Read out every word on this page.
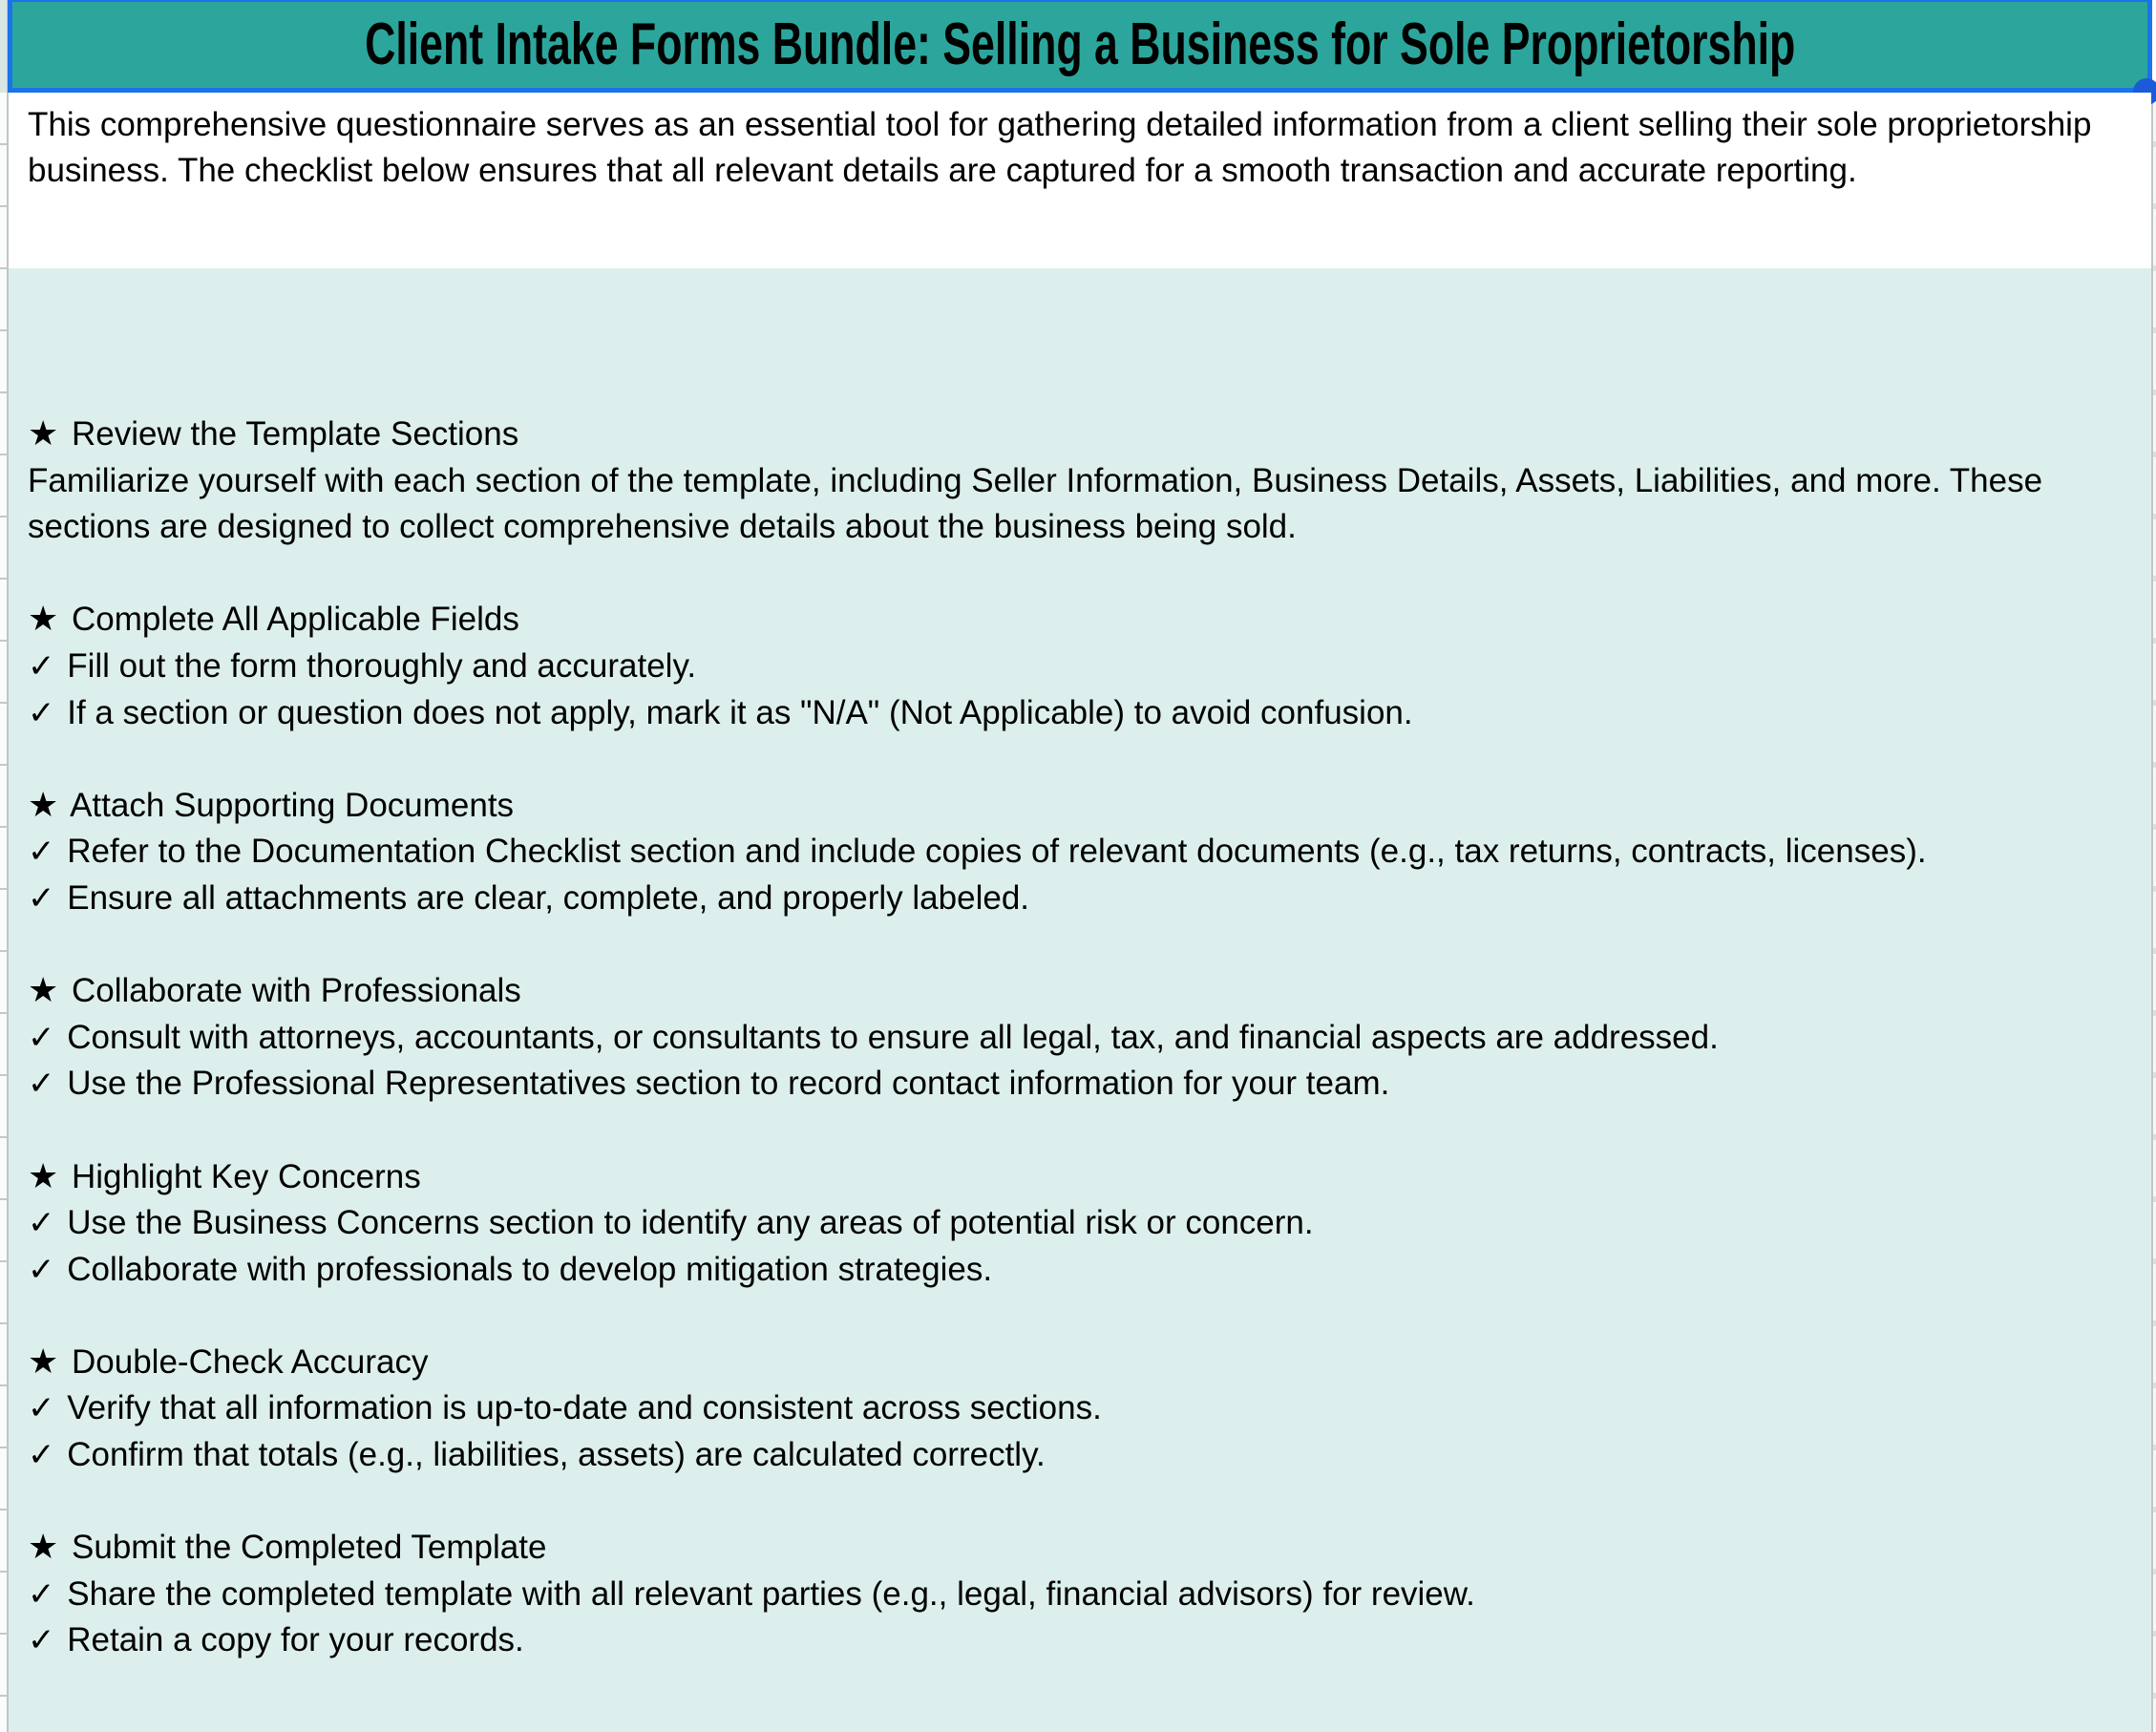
Client Intake Forms Bundle: Selling a Business for Sole Proprietorship
This comprehensive questionnaire serves as an essential tool for gathering detailed information from a client selling their sole proprietorship business. The checklist below ensures that all relevant details are captured for a smooth transaction and accurate reporting.
★ Review the Template Sections
Familiarize yourself with each section of the template, including Seller Information, Business Details, Assets, Liabilities, and more. These sections are designed to collect comprehensive details about the business being sold.
★ Complete All Applicable Fields
✓ Fill out the form thoroughly and accurately.
✓ If a section or question does not apply, mark it as "N/A" (Not Applicable) to avoid confusion.
★ Attach Supporting Documents
✓ Refer to the Documentation Checklist section and include copies of relevant documents (e.g., tax returns, contracts, licenses).
✓ Ensure all attachments are clear, complete, and properly labeled.
★ Collaborate with Professionals
✓ Consult with attorneys, accountants, or consultants to ensure all legal, tax, and financial aspects are addressed.
✓ Use the Professional Representatives section to record contact information for your team.
★ Highlight Key Concerns
✓ Use the Business Concerns section to identify any areas of potential risk or concern.
✓ Collaborate with professionals to develop mitigation strategies.
★ Double-Check Accuracy
✓ Verify that all information is up-to-date and consistent across sections.
✓ Confirm that totals (e.g., liabilities, assets) are calculated correctly.
★ Submit the Completed Template
✓ Share the completed template with all relevant parties (e.g., legal, financial advisors) for review.
✓ Retain a copy for your records.
